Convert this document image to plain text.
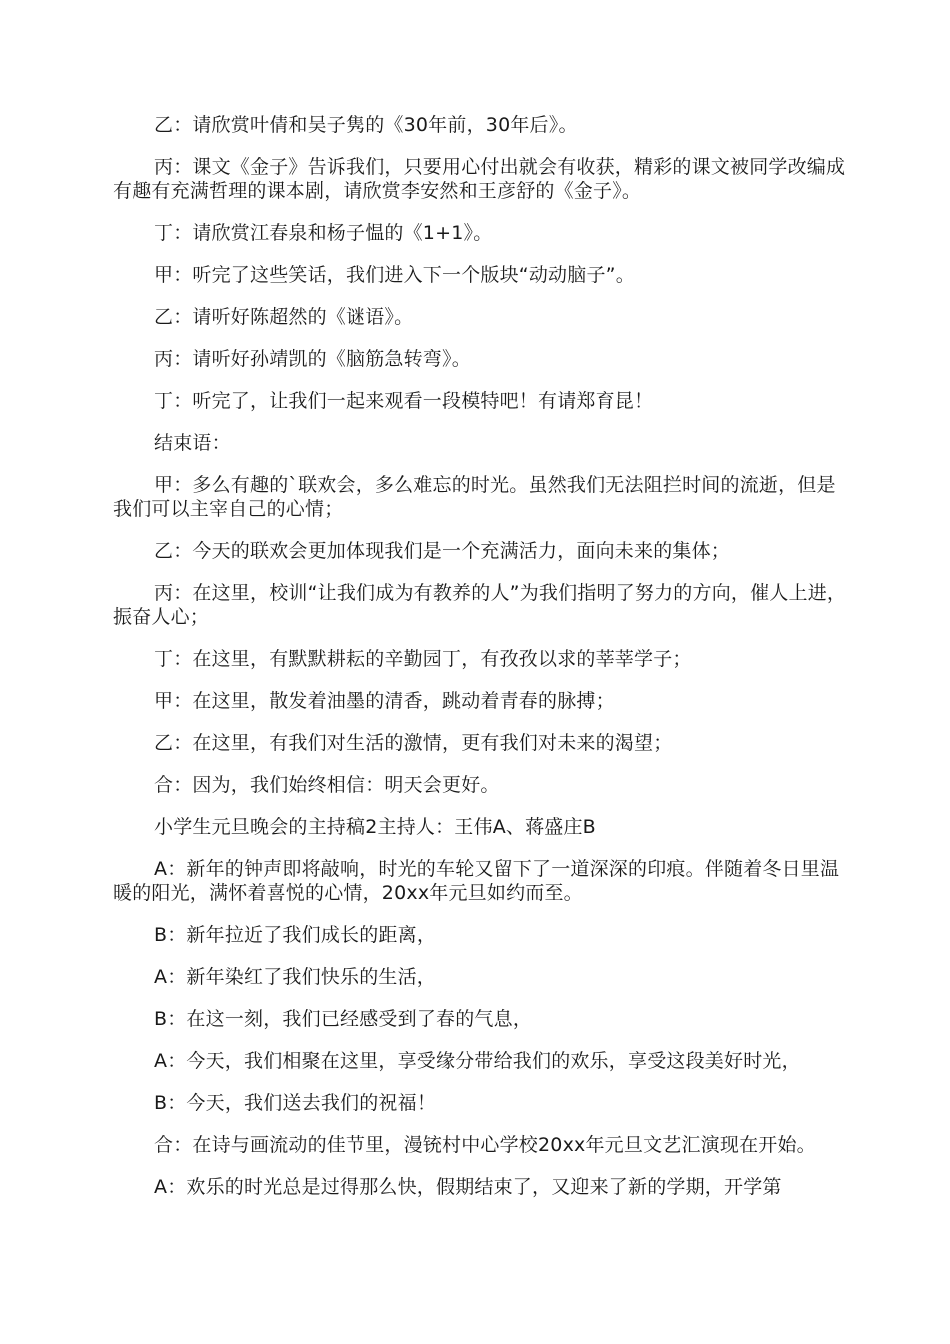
乙：请欣赏叶倩和吴子隽的《30年前，30年后》。

丙：课文《金子》告诉我们，只要用心付出就会有收获，精彩的课文被同学改编成有趣有充满哲理的课本剧，请欣赏李安然和王彦舒的《金子》。

丁：请欣赏江春泉和杨子愠的《1+1》。

甲：听完了这些笑话，我们进入下一个版块“动动脑子”。

乙：请听好陈超然的《谜语》。

丙：请听好孙靖凯的《脑筋急转弯》。

丁：听完了，让我们一起来观看一段模特吧！有请郑育昆！

结束语：

甲：多么有趣的`联欢会，多么难忘的时光。虽然我们无法阻拦时间的流逝，但是我们可以主宰自己的心情；

乙：今天的联欢会更加体现我们是一个充满活力，面向未来的集体；

丙：在这里，校训“让我们成为有教养的人”为我们指明了努力的方向，催人上进，振奋人心；

丁：在这里，有默默耕耘的辛勤园丁，有孜孜以求的莘莘学子；

甲：在这里，散发着油墨的清香，跳动着青春的脉搏；

乙：在这里，有我们对生活的激情，更有我们对未来的渴望；

合：因为，我们始终相信：明天会更好。

小学生元旦晚会的主持稿2主持人：王伟A、蒋盛庄B

A：新年的钟声即将敲响，时光的车轮又留下了一道深深的印痕。伴随着冬日里温暖的阳光，满怀着喜悦的心情，20xx年元旦如约而至。

B：新年拉近了我们成长的距离，

A：新年染红了我们快乐的生活，

B：在这一刻，我们已经感受到了春的气息，

A：今天，我们相聚在这里，享受缘分带给我们的欢乐，享受这段美好时光，

B：今天，我们送去我们的祝福！

合：在诗与画流动的佳节里，漫铳村中心学校20xx年元旦文艺汇演现在开始。

A：欢乐的时光总是过得那么快，假期结束了，又迎来了新的学期，开学第
